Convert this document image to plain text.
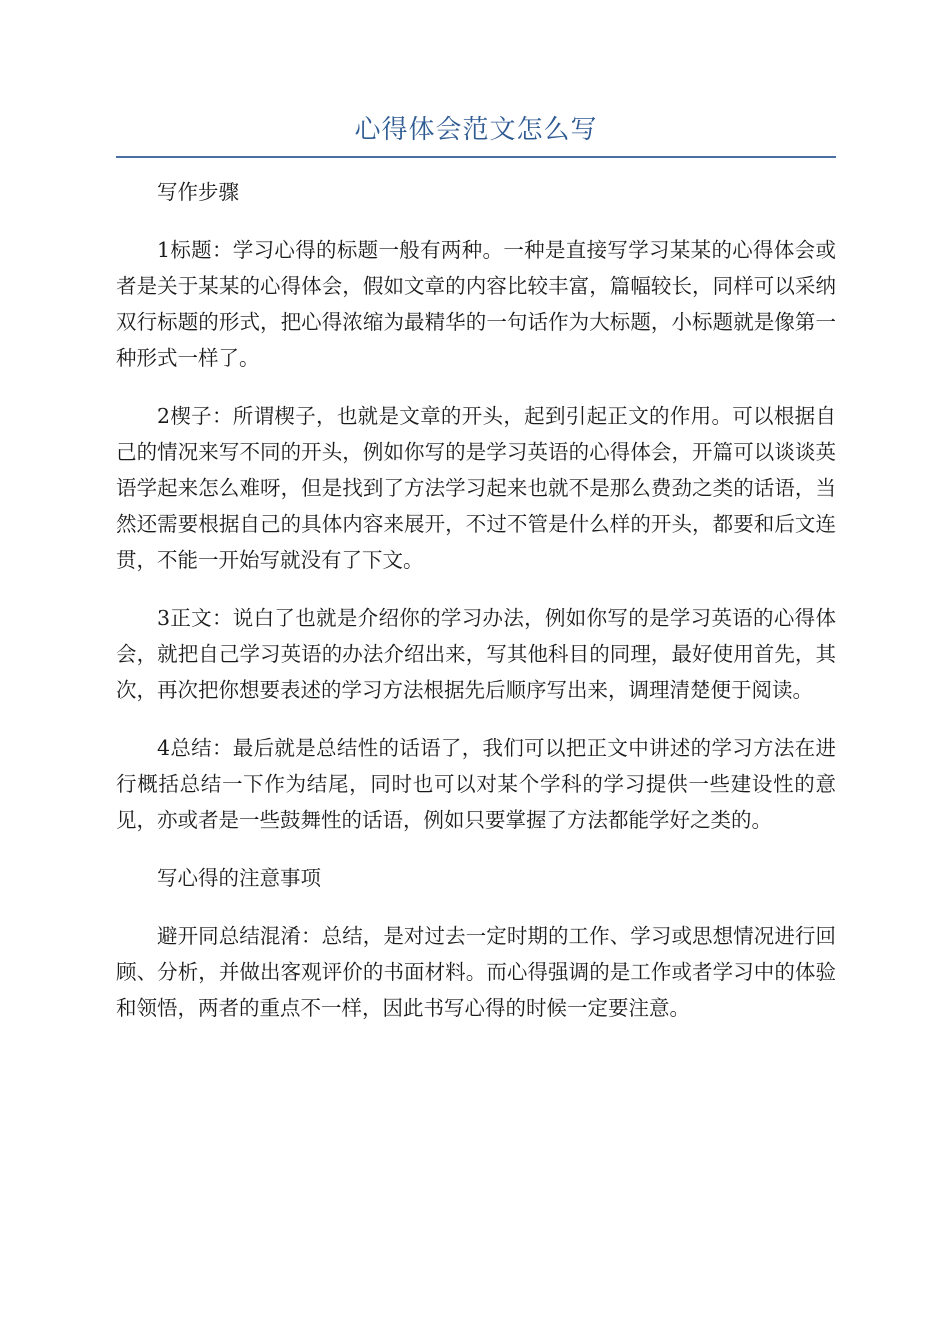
心得体会范文怎么写

写作步骤

1标题：学习心得的标题一般有两种。一种是直接写学习某某的心得体会或者是关于某某的心得体会，假如文章的内容比较丰富，篇幅较长，同样可以采纳双行标题的形式，把心得浓缩为最精华的一句话作为大标题，小标题就是像第一种形式一样了。

2楔子：所谓楔子，也就是文章的开头，起到引起正文的作用。可以根据自己的情况来写不同的开头，例如你写的是学习英语的心得体会，开篇可以谈谈英语学起来怎么难呀，但是找到了方法学习起来也就不是那么费劲之类的话语，当然还需要根据自己的具体内容来展开，不过不管是什么样的开头，都要和后文连贯，不能一开始写就没有了下文。

3正文：说白了也就是介绍你的学习办法，例如你写的是学习英语的心得体会，就把自己学习英语的办法介绍出来，写其他科目的同理，最好使用首先，其次，再次把你想要表述的学习方法根据先后顺序写出来，调理清楚便于阅读。

4总结：最后就是总结性的话语了，我们可以把正文中讲述的学习方法在进行概括总结一下作为结尾，同时也可以对某个学科的学习提供一些建设性的意见，亦或者是一些鼓舞性的话语，例如只要掌握了方法都能学好之类的。

写心得的注意事项

避开同总结混淆：总结，是对过去一定时期的工作、学习或思想情况进行回顾、分析，并做出客观评价的书面材料。而心得强调的是工作或者学习中的体验和领悟，两者的重点不一样，因此书写心得的时候一定要注意。
